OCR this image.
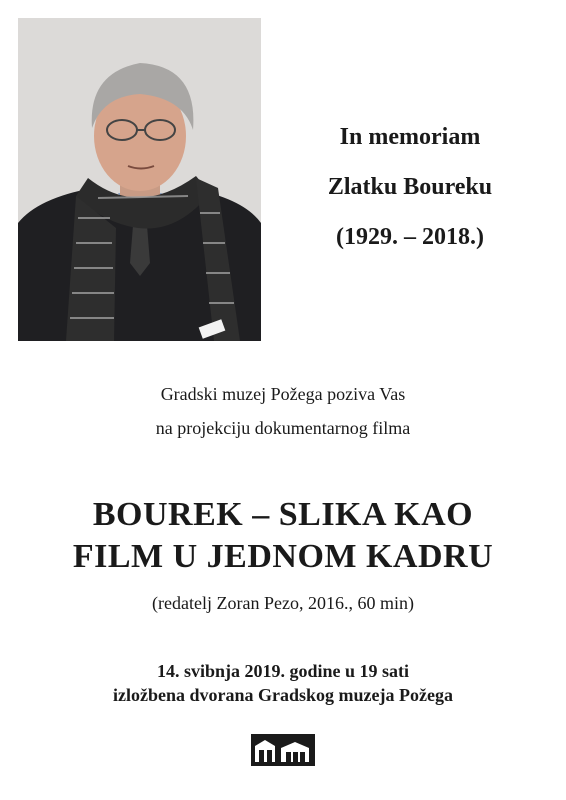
In memoriam
Zlatku Boureku
(1929. – 2018.)
Gradski muzej Požega poziva Vas
na projekciju dokumentarnog filma
BOUREK – SLIKA KAO
FILM U JEDNOM KADRU
(redatelj Zoran Pezo, 2016., 60 min)
14. svibnja 2019. godine u 19 sati
izložbena dvorana Gradskog muzeja Požega
